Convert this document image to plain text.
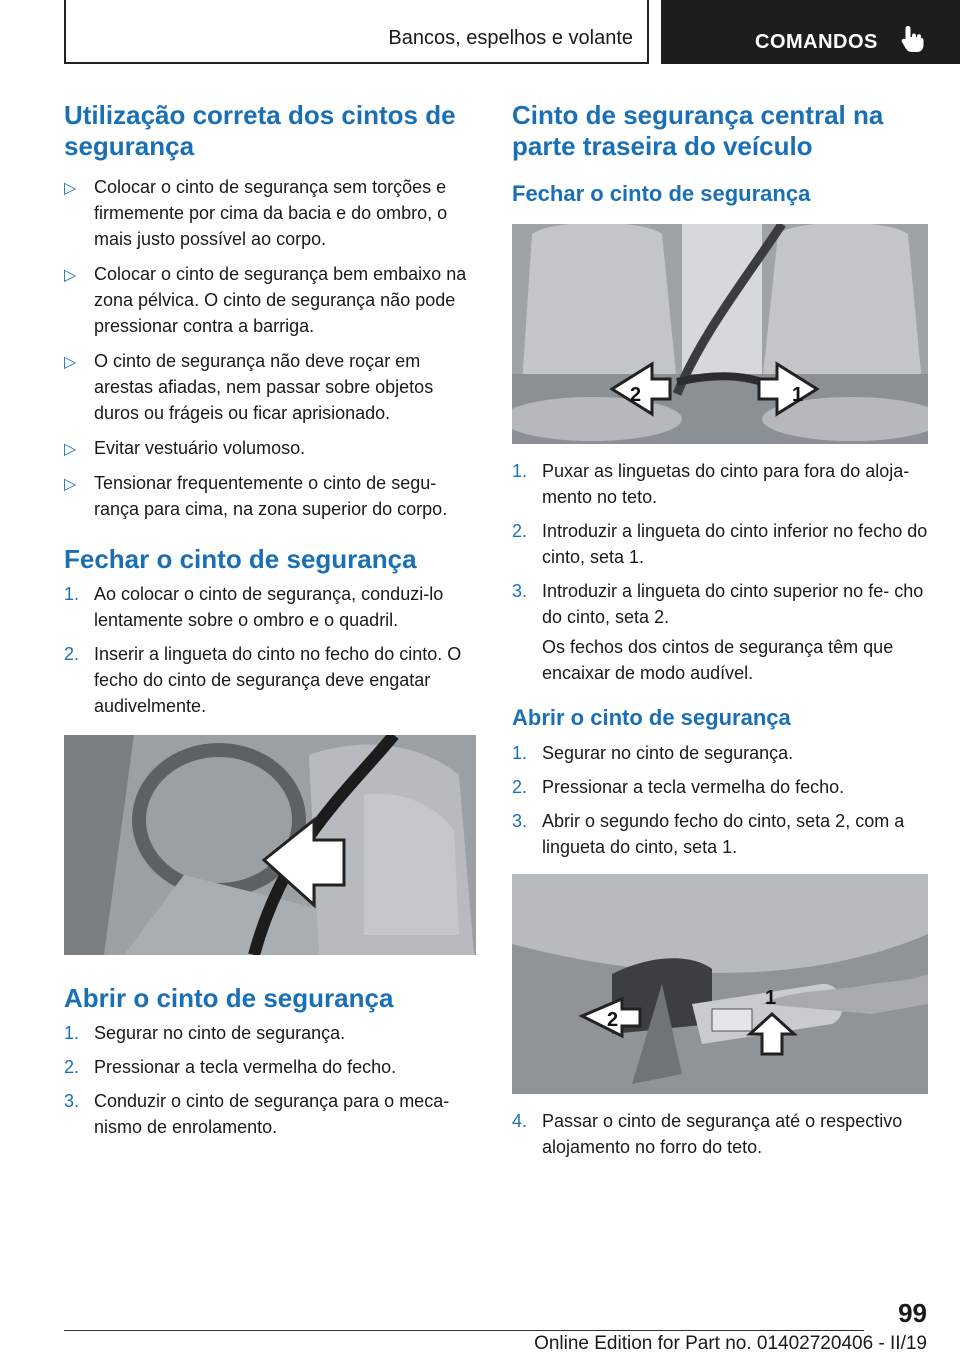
Bancos, espelhos e volante	COMANDOS
Utilização correta dos cintos de segurança
▷ Colocar o cinto de segurança sem torções e firmemente por cima da bacia e do ombro, o mais justo possível ao corpo.
▷ Colocar o cinto de segurança bem embaixo na zona pélvica. O cinto de segurança não pode pressionar contra a barriga.
▷ O cinto de segurança não deve roçar em arestas afiadas, nem passar sobre objetos duros ou frágeis ou ficar aprisionado.
▷ Evitar vestuário volumoso.
▷ Tensionar frequentemente o cinto de segu- rança para cima, na zona superior do corpo.
Fechar o cinto de segurança
1. Ao colocar o cinto de segurança, conduzi-lo lentamente sobre o ombro e o quadril.
2. Inserir a lingueta do cinto no fecho do cinto. O fecho do cinto de segurança deve engatar audivelmente.
Abrir o cinto de segurança
1. Segurar no cinto de segurança.
2. Pressionar a tecla vermelha do fecho.
3. Conduzir o cinto de segurança para o meca- nismo de enrolamento.
Cinto de segurança central na parte traseira do veículo
Fechar o cinto de segurança
2	1
1. Puxar as linguetas do cinto para fora do aloja- mento no teto.
2. Introduzir a lingueta do cinto inferior no fecho do cinto, seta 1.
3. Introduzir a lingueta do cinto superior no fe- cho do cinto, seta 2.
Os fechos dos cintos de segurança têm que encaixar de modo audível.
Abrir o cinto de segurança
1. Segurar no cinto de segurança.
2. Pressionar a tecla vermelha do fecho.
3. Abrir o segundo fecho do cinto, seta 2, com a lingueta do cinto, seta 1.
2
1
4. Passar o cinto de segurança até o respectivo alojamento no forro do teto.
99
Online Edition for Part no. 01402720406 - II/19
